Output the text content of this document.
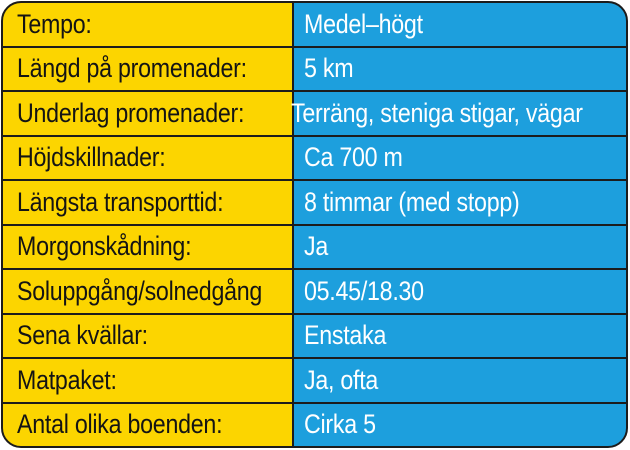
Tempo:	Medel–högt
Längd på promenader: 5 km
Underlag promenader: Terräng, steniga stigar, vägar
Höjdskillnader:	Ca 700 m
Längsta transporttid:	8 timmar (med stopp)
Morgonskådning:	Ja
Soluppgång/solnedgång 05.45/18.30
Sena kvällar:	Enstaka
Matpaket:	Ja, ofta
Antal olika boenden:	Cirka 5
